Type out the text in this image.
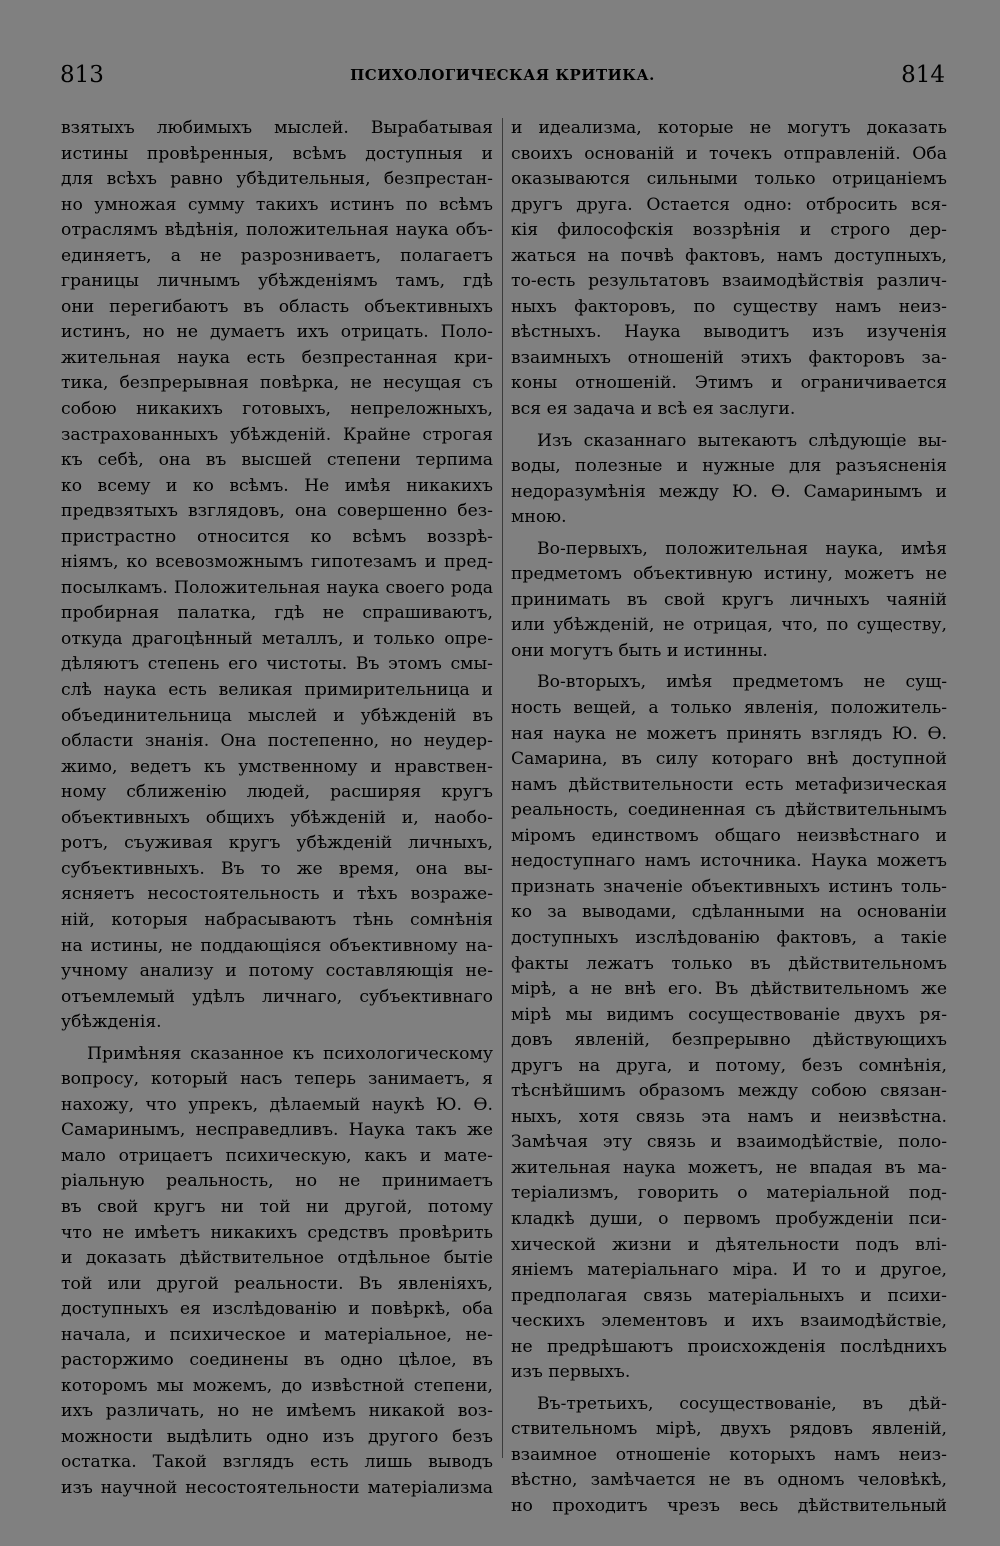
813	ПСИХОЛОГИЧЕСКАЯ КРИТИКА.	814
взятыхъ любимыхъ мыслей. Вырабатывая
истины провѣренныя, всѣмъ доступныя и
для всѣхъ равно убѣдительныя, безпрестан-
но умножая сумму такихъ истинъ по всѣмъ
отраслямъ вѣдѣнія, положительная наука объ-
единяетъ, а не разрозниваетъ, полагаетъ
границы личнымъ убѣжденіямъ тамъ, гдѣ
они перегибаютъ въ область объективныхъ
истинъ, но не думаетъ ихъ отрицать. Поло-
жительная наука есть безпрестанная кри-
тика, безпрерывная повѣрка, не несущая съ
собою никакихъ готовыхъ, непреложныхъ,
застрахованныхъ убѣжденій. Крайне строгая
къ себѣ, она въ высшей степени терпима
ко всему и ко всѣмъ. Не имѣя никакихъ
предвзятыхъ взглядовъ, она совершенно без-
пристрастно относится ко всѣмъ воззрѣ-
ніямъ, ко всевозможнымъ гипотезамъ и пред-
посылкамъ. Положительная наука своего рода
пробирная палатка, гдѣ не спрашиваютъ,
откуда драгоцѣнный металлъ, и только опре-
дѣляютъ степень его чистоты. Въ этомъ смы-
слѣ наука есть великая примирительница и
объединительница мыслей и убѣжденій въ
области знанія. Она постепенно, но неудер-
жимо, ведетъ къ умственному и нравствен-
ному сближенію людей, расширяя кругъ
объективныхъ общихъ убѣжденій и, наобо-
ротъ, съуживая кругъ убѣжденій личныхъ,
субъективныхъ. Въ то же время, она вы-
ясняетъ несостоятельность и тѣхъ возраже-
ній, которыя набрасываютъ тѣнь сомнѣнія
на истины, не поддающіяся объективному на-
учному анализу и потому составляющія не-
отъемлемый удѣлъ личнаго, субъективнаго
убѣжденія.
Примѣняя сказанное къ психологическому
вопросу, который насъ теперь занимаетъ, я
нахожу, что упрекъ, дѣлаемый наукѣ Ю. Ѳ.
Самаринымъ, несправедливъ. Наука такъ же
мало отрицаетъ психическую, какъ и мате-
ріальную реальность, но не принимаетъ
въ свой кругъ ни той ни другой, потому
что не имѣетъ никакихъ средствъ провѣрить
и доказать дѣйствительное отдѣльное бытіе
той или другой реальности. Въ явленіяхъ,
доступныхъ ея изслѣдованію и повѣркѣ, оба
начала, и психическое и матеріальное, не-
расторжимо соединены въ одно цѣлое, въ
которомъ мы можемъ, до извѣстной степени,
ихъ различать, но не имѣемъ никакой воз-
можности выдѣлить одно изъ другого безъ
остатка. Такой взглядъ есть лишь выводъ
изъ научной несостоятельности матеріализма
и идеализма, которые не могутъ доказать
своихъ основаній и точекъ отправленій. Оба
оказываются сильными только отрицаніемъ
другъ друга. Остается одно: отбросить вся-
кія философскія воззрѣнія и строго дер-
жаться на почвѣ фактовъ, намъ доступныхъ,
то-есть результатовъ взаимодѣйствія различ-
ныхъ факторовъ, по существу намъ неиз-
вѣстныхъ. Наука выводитъ изъ изученія
взаимныхъ отношеній этихъ факторовъ за-
коны отношеній. Этимъ и ограничивается
вся ея задача и всѣ ея заслуги.
Изъ сказаннаго вытекаютъ слѣдующіе вы-
воды, полезные и нужные для разъясненія
недоразумѣнія между Ю. Ѳ. Самаринымъ и
мною.
Во-первыхъ, положительная наука, имѣя
предметомъ объективную истину, можетъ не
принимать въ свой кругъ личныхъ чаяній
или убѣжденій, не отрицая, что, по существу,
они могутъ быть и истинны.
Во-вторыхъ, имѣя предметомъ не сущ-
ность вещей, а только явленія, положитель-
ная наука не можетъ принять взглядъ Ю. Ѳ.
Самарина, въ силу котораго внѣ доступной
намъ дѣйствительности есть метафизическая
реальность, соединенная съ дѣйствительнымъ
міромъ единствомъ общаго неизвѣстнаго и
недоступнаго намъ источника. Наука можетъ
признать значеніе объективныхъ истинъ толь-
ко за выводами, сдѣланными на основаніи
доступныхъ изслѣдованію фактовъ, а такіе
факты лежатъ только въ дѣйствительномъ
мірѣ, а не внѣ его. Въ дѣйствительномъ же
мірѣ мы видимъ сосуществованіе двухъ ря-
довъ явленій, безпрерывно дѣйствующихъ
другъ на друга, и потому, безъ сомнѣнія,
тѣснѣйшимъ образомъ между собою связан-
ныхъ, хотя связь эта намъ и неизвѣстна.
Замѣчая эту связь и взаимодѣйствіе, поло-
жительная наука можетъ, не впадая въ ма-
теріализмъ, говорить о матеріальной под-
кладкѣ души, о первомъ пробужденіи пси-
хической жизни и дѣятельности подъ влі-
яніемъ матеріальнаго міра. И то и другое,
предполагая связь матеріальныхъ и психи-
ческихъ элементовъ и ихъ взаимодѣйствіе,
не предрѣшаютъ происхожденія послѣднихъ
изъ первыхъ.
Въ-третьихъ, сосуществованіе, въ дѣй-
ствительномъ мірѣ, двухъ рядовъ явленій,
взаимное отношеніе которыхъ намъ неиз-
вѣстно, замѣчается не въ одномъ человѣкѣ,
но проходитъ чрезъ весь дѣйствительный
